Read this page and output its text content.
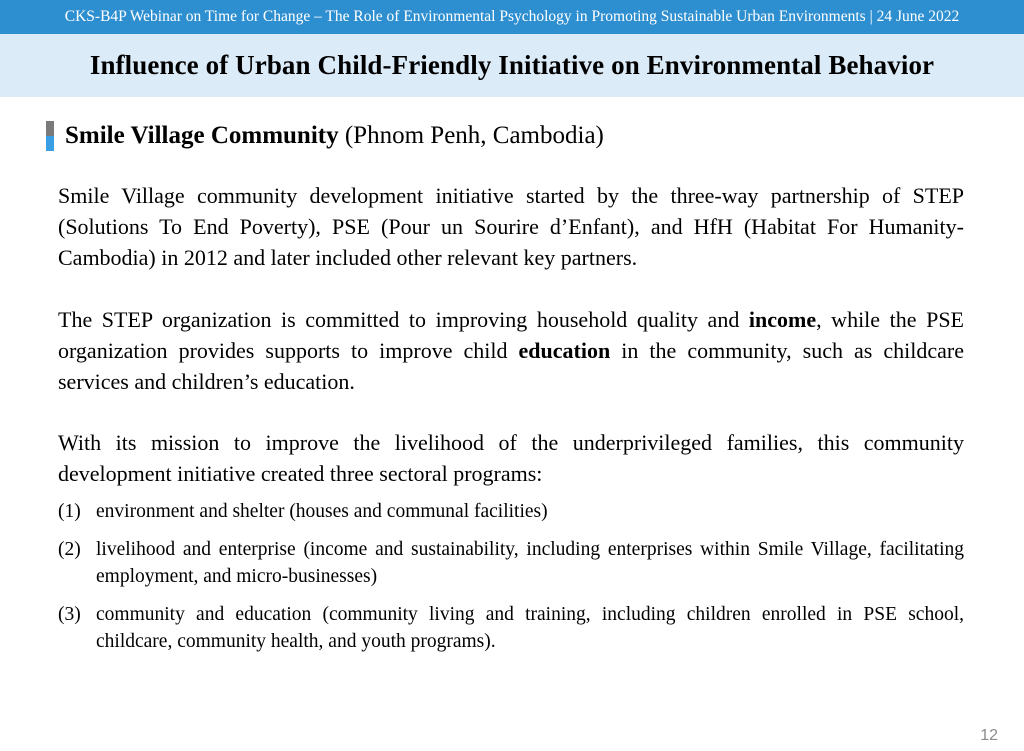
CKS-B4P Webinar on Time for Change – The Role of Environmental Psychology in Promoting Sustainable Urban Environments | 24 June 2022
Influence of Urban Child-Friendly Initiative on Environmental Behavior
Smile Village Community (Phnom Penh, Cambodia)

Smile Village community development initiative started by the three-way partnership of STEP (Solutions To End Poverty), PSE (Pour un Sourire d’Enfant), and HfH (Habitat For Humanity-Cambodia) in 2012 and later included other relevant key partners.

The STEP organization is committed to improving household quality and income, while the PSE organization provides supports to improve child education in the community, such as childcare services and children’s education.

With its mission to improve the livelihood of the underprivileged families, this community development initiative created three sectoral programs:

(1) environment and shelter (houses and communal facilities)
(2) livelihood and enterprise (income and sustainability, including enterprises within Smile Village, facilitating employment, and micro-businesses)
(3) community and education (community living and training, including children enrolled in PSE school, childcare, community health, and youth programs).
12
